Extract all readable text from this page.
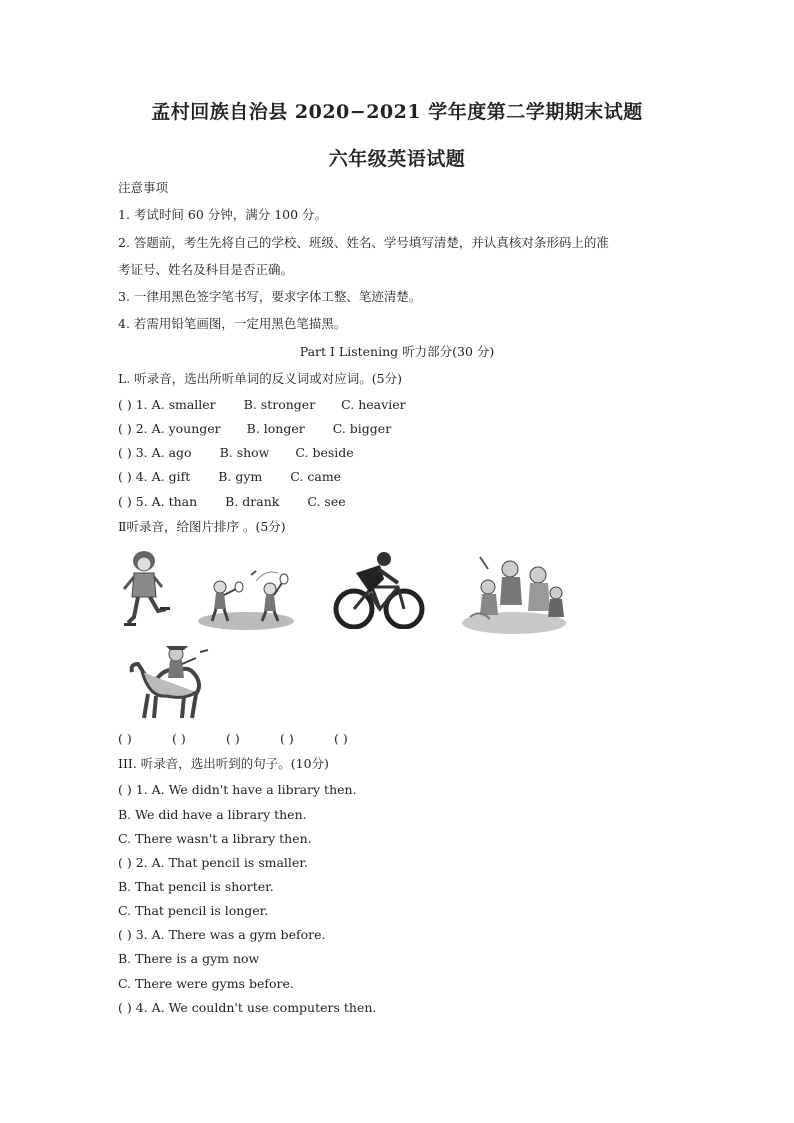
孟村回族自治县 2020−2021 学年度第二学期期末试题
六年级英语试题
注意事项
1. 考试时间 60 分钟，满分 100 分。
2. 答题前，考生先将自己的学校、班级、姓名、学号填写清楚，并认真核对条形码上的准
考证号、姓名及科目是否正确。
3. 一律用黑色签字笔书写，要求字体工整、笔迹清楚。
4. 若需用铅笔画图，一定用黑色笔描黑。
Part Ⅰ Listening 听力部分(30 分)
L. 听录音，选出所听单词的反义词或对应词。(5分)
( ) 1. A. smaller B. stronger C. heavier
( ) 2. A. younger B. longer C. bigger
( ) 3. A. ago B. show C. beside
( ) 4. A. gift B. gym C. came
( ) 5. A. than B. drank C. see
Ⅱ听录音，给图片排序 。(5分)
( )	( )	( )	( )	( )
III. 听录音，选出听到的句子。(10分)
( ) 1. A. We didn't have a library then.
B. We did have a library then.
C. There wasn't a library then.
( ) 2. A. That pencil is smaller.
B. That pencil is shorter.
C. That pencil is longer.
( ) 3. A. There was a gym before.
B. There is a gym now
C. There were gyms before.
( ) 4. A. We couldn't use computers then.
